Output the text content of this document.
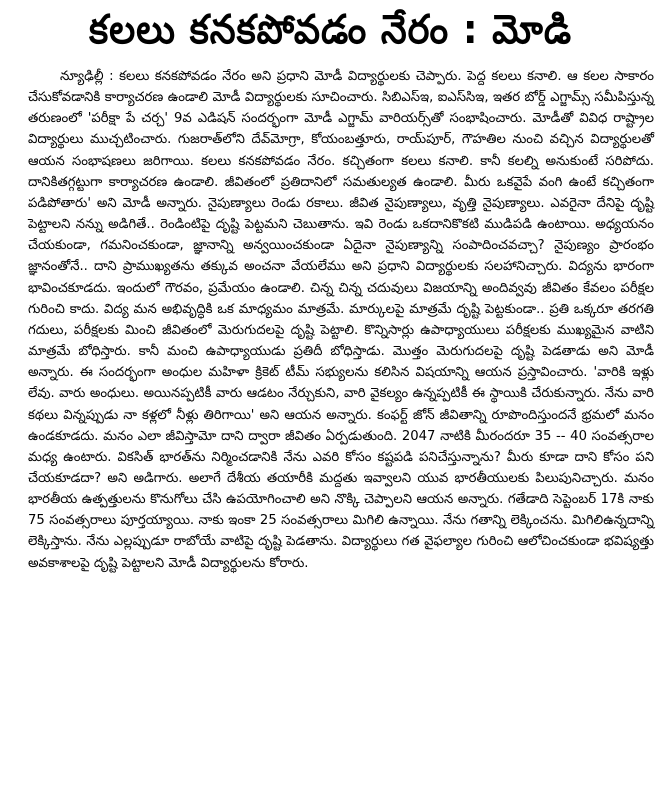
కలలు కనకపోవడం నేరం : మోడి

న్యూఢిల్లీ : కలలు కనకపోవడం నేరం అని ప్రధాని మోడీ విద్యార్థులకు చెప్పారు. పెద్ద కలలు కనాలి. ఆ కలల సాకారం చేసుకోవడానికి కార్యాచరణ ఉండాలి మోడీ విద్యార్థులకు సూచించారు. సిబిఎస్‌ఇ, ఐఎస్‌సిఇ, ఇతర బోర్డ్ ఎగ్జామ్స్ సమీపిస్తున్న తరుణంలో 'పరీక్షా పే చర్చ' 9వ ఎడిషన్ సందర్భంగా మోడీ ఎగ్జామ్ వారియర్స్‌తో సంభాషించారు. మోడీతో వివిధ రాష్ట్రాల విద్యార్థులు ముచ్చటించారు. గుజరాత్‌లోని దేవ్‌మోగ్రా, కోయంబత్తూరు, రాయ్‌పూర్, గౌహతిల నుంచి వచ్చిన విద్యార్థులతో ఆయన సంభాషణలు జరిగాయి. కలలు కనకపోవడం నేరం. కచ్చితంగా కలలు కనాలి. కానీ కలల్ని అనుకుంటే సరిపోదు. దానికితగ్గట్టుగా కార్యాచరణ ఉండాలి. జీవితంలో ప్రతిదానిలో సమతుల్యత ఉండాలి. మీరు ఒకవైపే వంగి ఉంటే కచ్చితంగా పడిపోతారు' అని మోడీ అన్నారు. నైపుణ్యాలు రెండు రకాలు. జీవిత నైపుణ్యాలు, వృత్తి నైపుణ్యాలు. ఎవరైనా దేనిపై దృష్టి పెట్టాలని నన్ను అడిగితే.. రెండింటిపై దృష్టి పెట్టమని చెబుతాను. ఇవి రెండు ఒకదానికొకటి ముడిపడి ఉంటాయి. అధ్యయనం చేయకుండా, గమనించకుండా, జ్ఞానాన్ని అన్వయించకుండా ఏదైనా నైపుణ్యాన్ని సంపాదించవచ్చా? నైపుణ్యం ప్రారంభం జ్ఞానంతోనే.. దాని ప్రాముఖ్యతను తక్కువ అంచనా వేయలేము అని ప్రధాని విద్యార్థులకు సలహానిచ్చారు. విద్యను భారంగా భావించకూడదు. ఇందులో గౌరవం, ప్రమేయం ఉండాలి. చిన్న చిన్న చదువులు విజయాన్ని అందివ్వవు జీవితం కేవలం పరీక్షల గురించి కాదు. విద్య మన అభివృద్ధికి ఒక మాధ్యమం మాత్రమే. మార్కులపై మాత్రమే దృష్టి పెట్టకుండా.. ప్రతి ఒక్కరూ తరగతి గదులు, పరీక్షలకు మించి జీవితంలో మెరుగుదలపై దృష్టి పెట్టాలి. కొన్నిసార్లు ఉపాధ్యాయులు పరీక్షలకు ముఖ్యమైన వాటిని మాత్రమే బోధిస్తారు. కానీ మంచి ఉపాధ్యాయుడు ప్రతిదీ బోధిస్తాడు. మొత్తం మెరుగుదలపై దృష్టి పెడతాడు అని మోడీ అన్నారు. ఈ సందర్భంగా అంధుల మహిళా క్రికెట్ టీమ్ సభ్యులను కలిసిన విషయాన్ని ఆయన ప్రస్తావించారు. 'వారికి ఇళ్లు లేవు. వారు అంధులు. అయినప్పటికీ వారు ఆడటం నేర్చుకుని, వారి వైకల్యం ఉన్నప్పటికీ ఈ స్థాయికి చేరుకున్నారు. నేను వారి కథలు విన్నప్పుడు నా కళ్లలో నీళ్లు తిరిగాయి' అని ఆయన అన్నారు. కంఫర్ట్ జోన్ జీవితాన్ని రూపొందిస్తుందనే భ్రమలో మనం ఉండకూడదు. మనం ఎలా జీవిస్తామో దాని ద్వారా జీవితం ఏర్పడుతుంది. 2047 నాటికి మీరందరూ 35 -- 40 సంవత్సరాల మధ్య ఉంటారు. వికసిత్ భారత్‌ను నిర్మించడానికి నేను ఎవరి కోసం కష్టపడి పనిచేస్తున్నాను? మీరు కూడా దాని కోసం పని చేయకూడదా? అని అడిగారు. అలాగే దేశీయ తయారీకి మద్దతు ఇవ్వాలని యువ భారతీయులకు పిలుపునిచ్చారు. మనం భారతీయ ఉత్పత్తులను కొనుగోలు చేసి ఉపయోగించాలి అని నొక్కి చెప్పాలని ఆయన అన్నారు. గతేడాది సెప్టెంబర్ 17కి నాకు 75 సంవత్సరాలు పూర్తయ్యాయి. నాకు ఇంకా 25 సంవత్సరాలు మిగిలి ఉన్నాయి. నేను గతాన్ని లెక్కించను. మిగిలిఉన్నదాన్ని లెక్కిస్తాను. నేను ఎల్లప్పుడూ రాబోయే వాటిపై దృష్టి పెడతాను. విద్యార్థులు గత వైఫల్యాల గురించి ఆలోచించకుండా భవిష్యత్తు అవకాశాలపై దృష్టి పెట్టాలని మోడీ విద్యార్థులను కోరారు.
